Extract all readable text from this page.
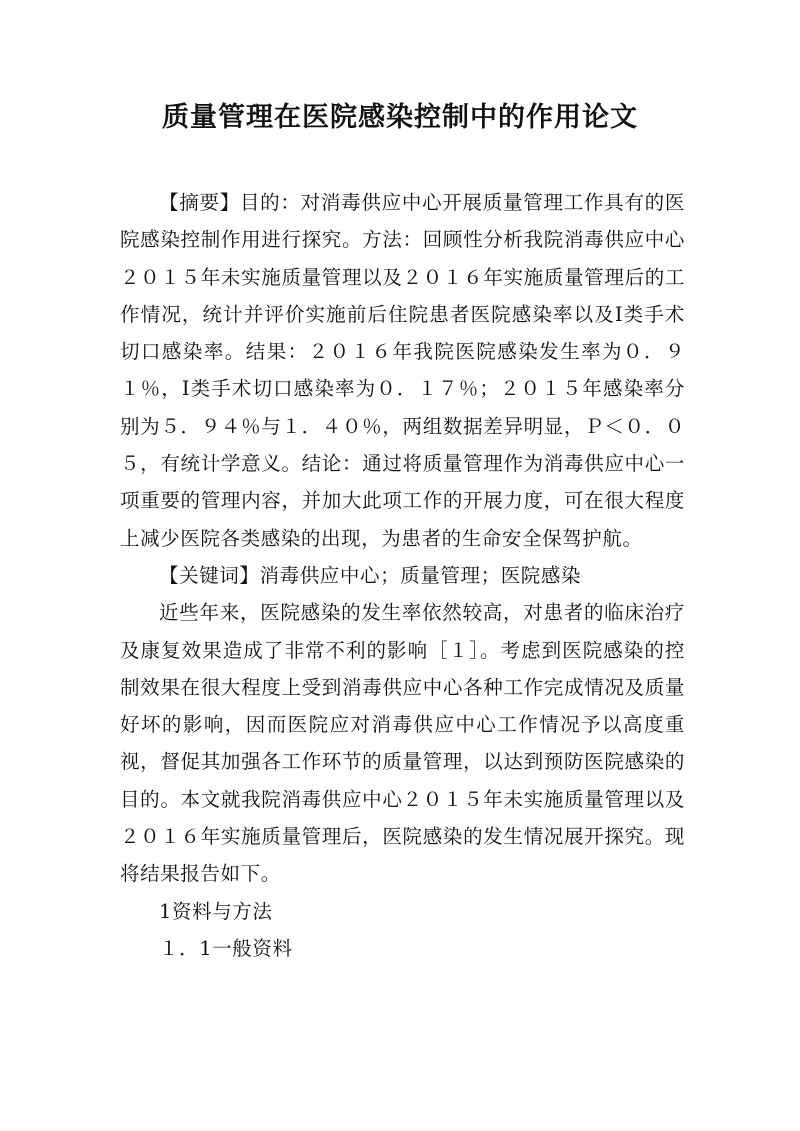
质量管理在医院感染控制中的作用论文

【摘要】目的：对消毒供应中心开展质量管理工作具有的医院感染控制作用进行探究。方法：回顾性分析我院消毒供应中心２０１５年未实施质量管理以及２０１６年实施质量管理后的工作情况，统计并评价实施前后住院患者医院感染率以及Ⅰ类手术切口感染率。结果：２０１６年我院医院感染发生率为０．９１％，Ⅰ类手术切口感染率为０．１７％；２０１５年感染率分别为５．９４％与１．４０％，两组数据差异明显，Ｐ＜０．０５，有统计学意义。结论：通过将质量管理作为消毒供应中心一项重要的管理内容，并加大此项工作的开展力度，可在很大程度上减少医院各类感染的出现，为患者的生命安全保驾护航。

【关键词】消毒供应中心；质量管理；医院感染

近些年来，医院感染的发生率依然较高，对患者的临床治疗及康复效果造成了非常不利的影响［１］。考虑到医院感染的控制效果在很大程度上受到消毒供应中心各种工作完成情况及质量好坏的影响，因而医院应对消毒供应中心工作情况予以高度重视，督促其加强各工作环节的质量管理，以达到预防医院感染的目的。本文就我院消毒供应中心２０１５年未实施质量管理以及２０１６年实施质量管理后，医院感染的发生情况展开探究。现将结果报告如下。

1资料与方法

１．1一般资料
